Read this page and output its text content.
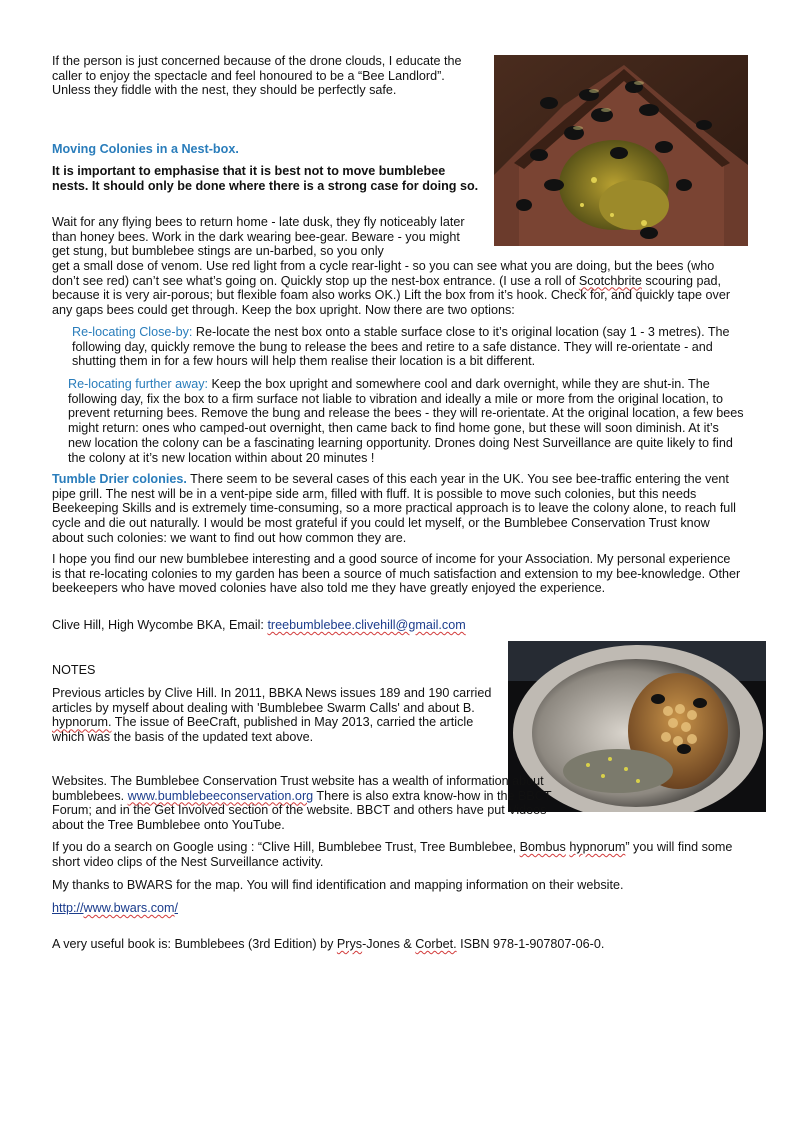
If the person is just concerned because of the drone clouds, I educate the caller to enjoy the spectacle and feel honoured to be a “Bee Landlord”. Unless they fiddle with the nest, they should be perfectly safe.

Moving Colonies in a Nest-box.

It is important to emphasise that it is best not to move bumblebee nests. It should only be done where there is a strong case for doing so.

Wait for any flying bees to return home - late dusk, they fly noticeably later than honey bees. Work in the dark wearing bee-gear. Beware - you might get stung, but bumblebee stings are un-barbed, so you only

get a small dose of venom. Use red light from a cycle rear-light - so you can see what you are doing, but the bees (who don’t see red) can’t see what’s going on. Quickly stop up the nest-box entrance. (I use a roll of Scotchbrite scouring pad, because it is very air-porous; but flexible foam also works OK.) Lift the box from it’s hook. Check for, and quickly tape over any gaps bees could get through. Keep the box upright. Now there are two options:

Re-locating Close-by: Re-locate the nest box onto a stable surface close to it’s original location (say 1 - 3 metres). The following day, quickly remove the bung to release the bees and retire to a safe distance. They will re-orientate - and shutting them in for a few hours will help them realise their location is a bit different.

Re-locating further away: Keep the box upright and somewhere cool and dark overnight, while they are shut-in. The following day, fix the box to a firm surface not liable to vibration and ideally a mile or more from the original location, to prevent returning bees. Remove the bung and release the bees - they will re-orientate. At the original location, a few bees might return: ones who camped-out overnight, then came back to find home gone, but these will soon diminish. At it’s new location the colony can be a fascinating learning opportunity. Drones doing Nest Surveillance are quite likely to find the colony at it’s new location within about 20 minutes !

Tumble Drier colonies. There seem to be several cases of this each year in the UK. You see bee-traffic entering the vent pipe grill. The nest will be in a vent-pipe side arm, filled with fluff. It is possible to move such colonies, but this needs Beekeeping Skills and is extremely time-consuming, so a more practical approach is to leave the colony alone, to reach full cycle and die out naturally. I would be most grateful if you could let myself, or the Bumblebee Conservation Trust know about such colonies: we want to find out how common they are.

I hope you find our new bumblebee interesting and a good source of income for your Association. My personal experience is that re-locating colonies to my garden has been a source of much satisfaction and extension to my bee-knowledge. Other beekeepers who have moved colonies have also told me they have greatly enjoyed the experience.

Clive Hill, High Wycombe BKA, Email: treebumblebee.clivehill@gmail.com

NOTES

Previous articles by Clive Hill. In 2011, BBKA News issues 189 and 190 carried articles by myself about dealing with 'Bumblebee Swarm Calls' and about B. hypnorum. The issue of BeeCraft, published in May 2013, carried the article which was the basis of the updated text above.

Websites. The Bumblebee Conservation Trust website has a wealth of information about bumblebees. www.bumblebeeconservation.org There is also extra know-how in the BBCT Forum; and in the Get Involved section of the website. BBCT and others have put Videos about the Tree Bumblebee onto YouTube.

If you do a search on Google using : “Clive Hill, Bumblebee Trust, Tree Bumblebee, Bombus hypnorum” you will find some short video clips of the Nest Surveillance activity.

My thanks to BWARS for the map. You will find identification and mapping information on their website.

http://www.bwars.com/

A very useful book is: Bumblebees (3rd Edition) by Prys-Jones & Corbet. ISBN 978-1-907807-06-0.
